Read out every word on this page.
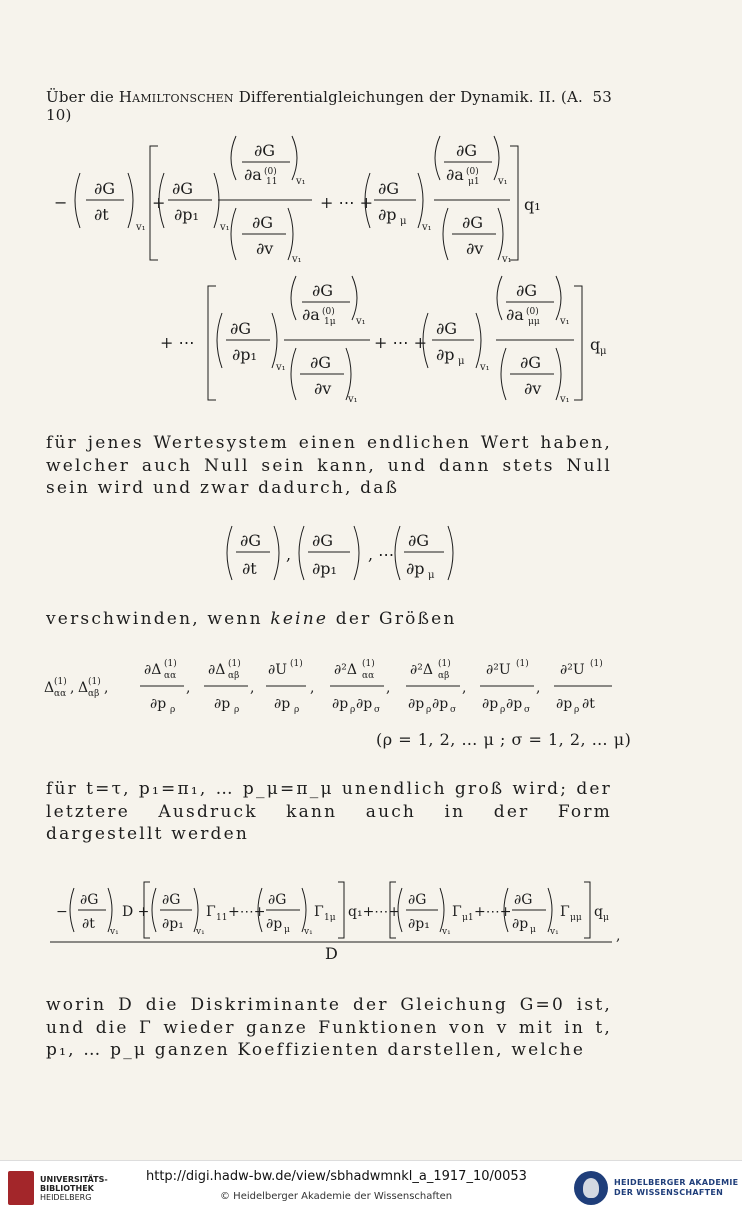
Über die Hamiltonschen Differentialgleichungen der Dynamik. II. (A. 10)
53
−
∂G
∂t
v₁
+
∂G
∂p₁
v₁
∂G
∂a (0)
11 v₁
∂G
∂v
v₁
+ ⋯ +
∂G
∂p μ
v₁
∂G
∂a (0)
μ1 v₁
∂G
∂v
v₁
q₁
+ ⋯
∂G
∂p₁
v₁
∂G
∂a (0)
1μ v₁
∂G
∂v
v₁
+ ⋯ +
∂G
∂p μ
v₁
∂G
∂a (0)
μμ v₁
∂G
∂v
v₁
q μ
für jenes Wertesystem einen endlichen Wert haben, welcher auch Null sein kann, und dann stets Null sein wird und zwar dadurch, daß
∂G
∂t
,
∂G
∂p₁
, ⋯
∂G
∂p μ
verschwinden, wenn keine der Größen
Δ (1)
αα , Δ (1)
αβ ,
∂Δ (1)
αα
∂p ρ
,
∂Δ (1)
αβ
∂p ρ
,
∂U (1)
∂p ρ
,
∂²Δ (1)
αα
∂p ρ ∂p σ
,
∂²Δ (1)
αβ
∂p ρ ∂p σ
,
∂²U (1)
∂p ρ ∂p σ
,
∂²U (1)
∂p ρ ∂t
(ρ = 1, 2, … μ ; σ = 1, 2, … μ)
für t=τ, p₁=π₁, … p_μ=π_μ unendlich groß wird; der letztere Ausdruck kann auch in der Form dargestellt werden
−
∂G
∂t v₁
D +
∂G
∂p₁ v₁
Γ 11 +⋯+
∂G
∂p μ v₁
Γ 1μ q₁+⋯+
∂G
∂p₁ v₁
Γ μ1 +⋯+
∂G
∂p μ v₁
Γ μμ q μ
,
D
worin D die Diskriminante der Gleichung G=0 ist, und die Γ wieder ganze Funktionen von v mit in t, p₁, … p_μ ganzen Koeffizienten darstellen, welche
UNIVERSITÄTS-
BIBLIOTHEK
HEIDELBERG
http://digi.hadw-bw.de/view/sbhadwmnkl_a_1917_10/0053
© Heidelberger Akademie der Wissenschaften
HEIDELBERGER AKADEMIE
DER WISSENSCHAFTEN
